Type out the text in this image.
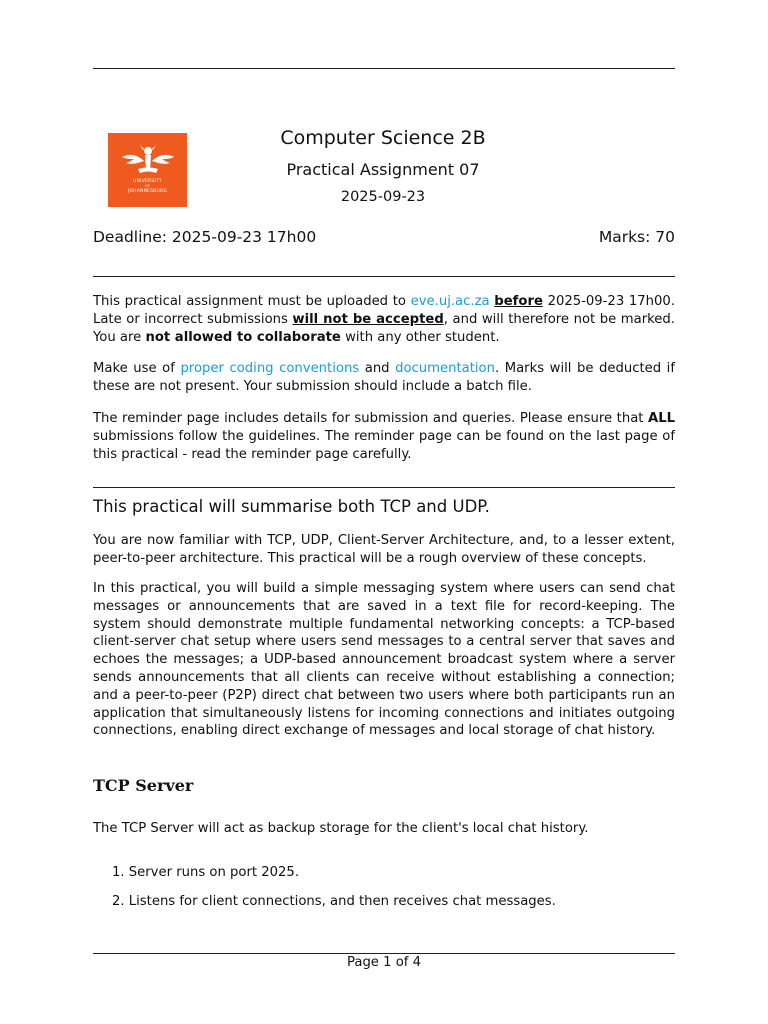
UNIVERSITY

OF
JOHANNESBURG
Computer Science 2B
Practical Assignment 07
2025-09-23
Deadline: 2025-09-23 17h00	Marks: 70
This practical assignment must be uploaded to eve.uj.ac.za before 2025-09-23 17h00. Late or incorrect submissions will not be accepted, and will therefore not be marked. You are not allowed to collaborate with any other student.
Make use of proper coding conventions and documentation. Marks will be deducted if these are not present. Your submission should include a batch file.
The reminder page includes details for submission and queries. Please ensure that ALL submissions follow the guidelines. The reminder page can be found on the last page of this practical - read the reminder page carefully.
This practical will summarise both TCP and UDP.
You are now familiar with TCP, UDP, Client-Server Architecture, and, to a lesser extent, peer-to-peer architecture. This practical will be a rough overview of these concepts.
In this practical, you will build a simple messaging system where users can send chat messages or announcements that are saved in a text file for record-keeping. The system should demonstrate multiple fundamental networking concepts: a TCP-based client-server chat setup where users send messages to a central server that saves and echoes the messages; a UDP-based announcement broadcast system where a server sends announcements that all clients can receive without establishing a connection; and a peer-to-peer (P2P) direct chat between two users where both participants run an application that simultaneously listens for incoming connections and initiates outgoing connections, enabling direct exchange of messages and local storage of chat history.
TCP Server
The TCP Server will act as backup storage for the client's local chat history.
1. Server runs on port 2025.
2. Listens for client connections, and then receives chat messages.
Page 1 of 4
